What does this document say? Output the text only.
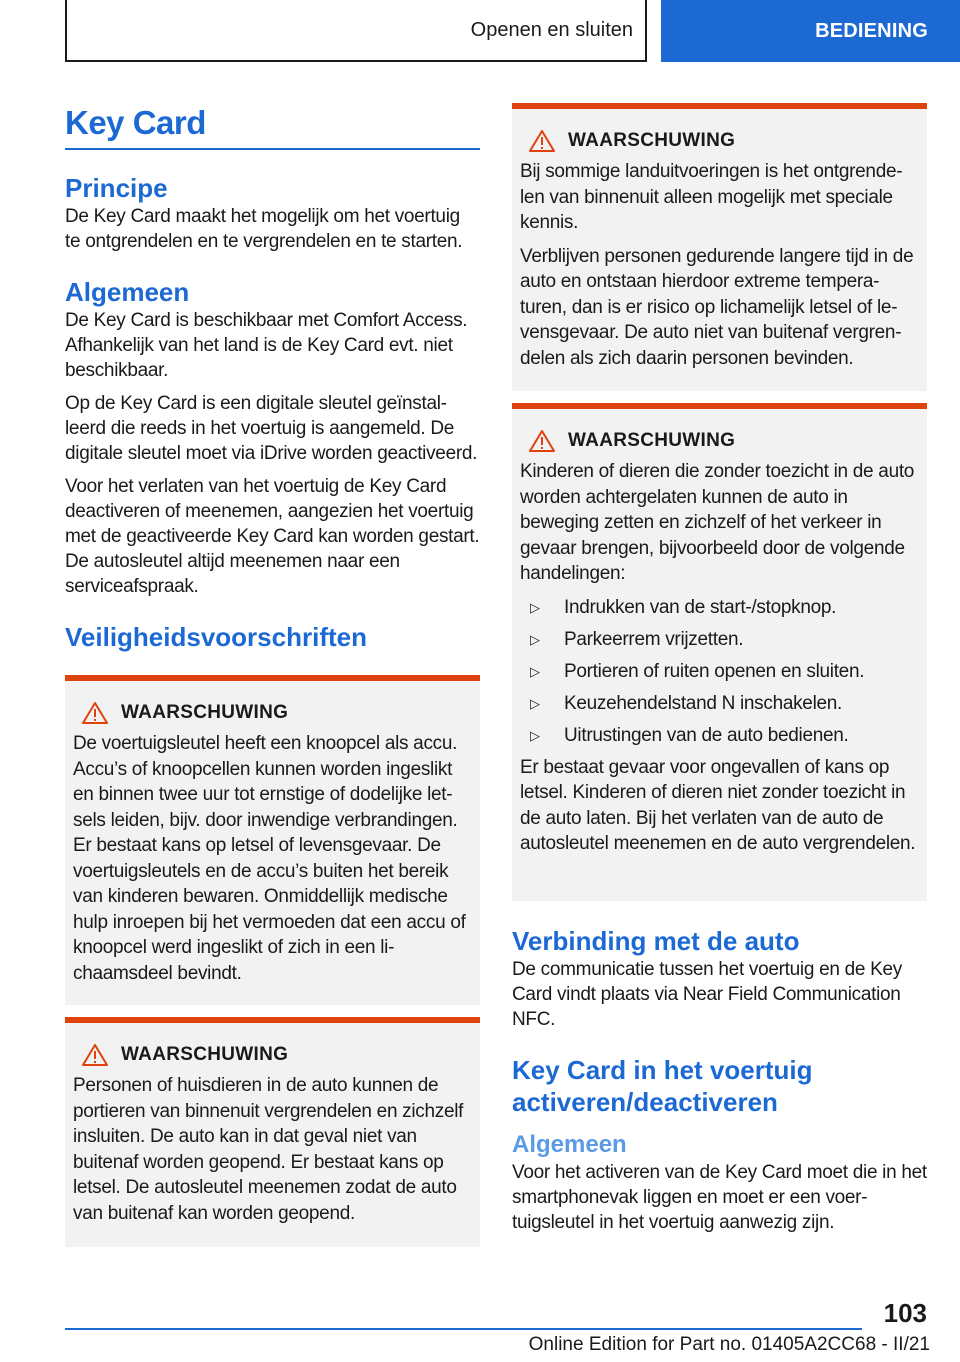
Openen en sluiten	BEDIENING
Key Card
Principe

De Key Card maakt het mogelijk om het voertuig te ontgrendelen en te vergrendelen en te starten.

Algemeen

De Key Card is beschikbaar met Comfort Access. Afhankelijk van het land is de Key Card evt. niet beschikbaar.

Op de Key Card is een digitale sleutel geïnstalleerd die reeds in het voertuig is aangemeld. De digitale sleutel moet via iDrive worden geactiveerd.

Voor het verlaten van het voertuig de Key Card deactiveren of meenemen, aangezien het voertuig met de geactiveerde Key Card kan worden gestart. De autosleutel altijd meenemen naar een serviceafspraak.

Veiligheidsvoorschriften
WAARSCHUWING

De voertuigsleutel heeft een knoopcel als accu. Accu’s of knoopcellen kunnen worden ingeslikt en binnen twee uur tot ernstige of dodelijke letsels leiden, bijv. door inwendige verbrandingen. Er bestaat kans op letsel of levensgevaar. De voertuigsleutels en de accu’s buiten het bereik van kinderen bewaren. Onmiddellijk medische hulp inroepen bij het vermoeden dat een accu of knoopcel werd ingeslikt of zich in een lichaamsdeel bevindt.

WAARSCHUWING

Personen of huisdieren in de auto kunnen de portieren van binnenuit vergrendelen en zichzelf insluiten. De auto kan in dat geval niet van buitenaf worden geopend. Er bestaat kans op letsel. De autosleutel meenemen zodat de auto van buitenaf kan worden geopend.

WAARSCHUWING

Bij sommige landuitvoeringen is het ontgrendelen van binnenuit alleen mogelijk met speciale kennis.

Verblijven personen gedurende langere tijd in de auto en ontstaan hierdoor extreme temperaturen, dan is er risico op lichamelijk letsel of levensgevaar. De auto niet van buitenaf vergrendelen als zich daarin personen bevinden.

WAARSCHUWING

Kinderen of dieren die zonder toezicht in de auto worden achtergelaten kunnen de auto in beweging zetten en zichzelf of het verkeer in gevaar brengen, bijvoorbeeld door de volgende handelingen:

▷	Indrukken van de start-/stopknop.
▷	Parkeerrem vrijzetten.
▷	Portieren of ruiten openen en sluiten.
▷	Keuzehendelstand N inschakelen.
▷	Uitrustingen van de auto bedienen.

Er bestaat gevaar voor ongevallen of kans op letsel. Kinderen of dieren niet zonder toezicht in de auto laten. Bij het verlaten van de auto de autosleutel meenemen en de auto vergrendelen.

Verbinding met de auto

De communicatie tussen het voertuig en de Key Card vindt plaats via Near Field Communication NFC.

Key Card in het voertuig activeren/deactiveren
Algemeen

Voor het activeren van de Key Card moet die in het smartphonevak liggen en moet er een voertuigsleutel in het voertuig aanwezig zijn.

103
Online Edition for Part no. 01405A2CC68 - II/21
